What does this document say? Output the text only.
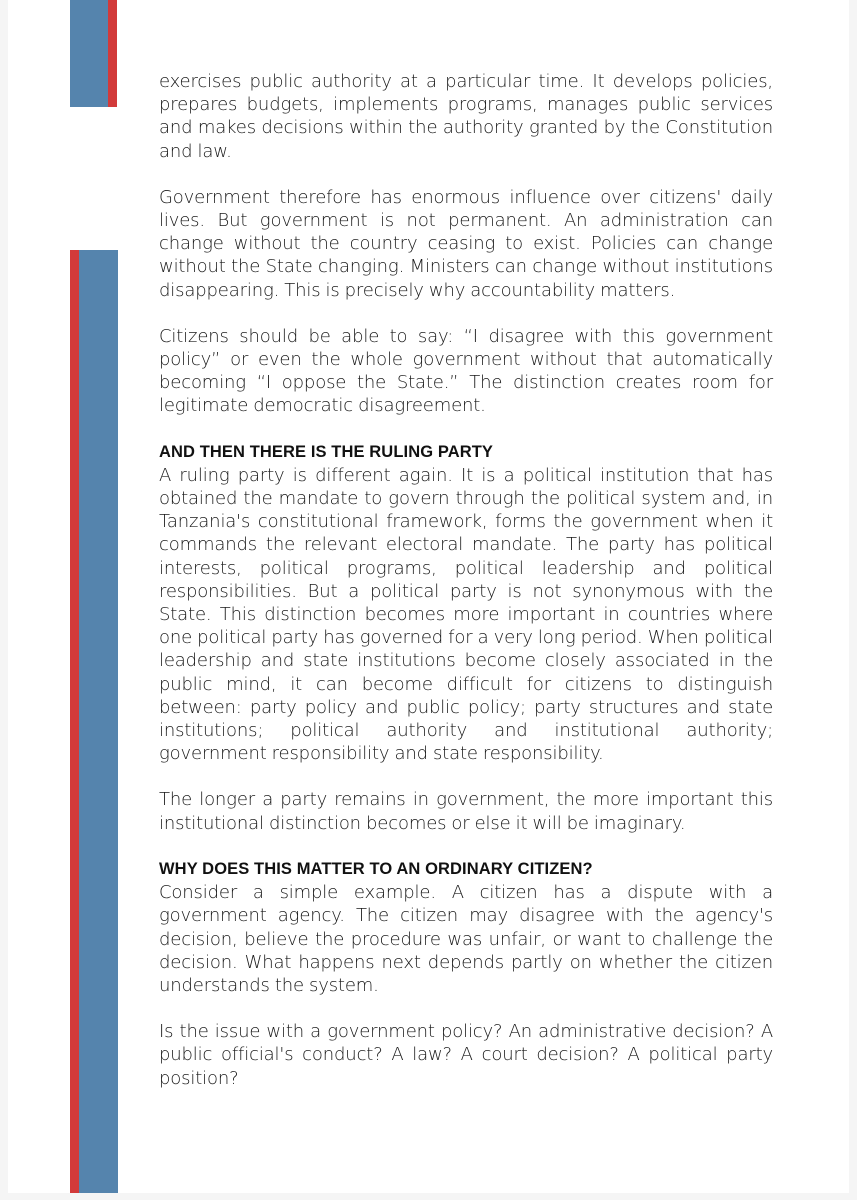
exercises public authority at a particular time. It develops policies, prepares budgets, implements programs, manages public services and makes decisions within the authority granted by the Constitution and law.

Government therefore has enormous influence over citizens' daily lives. But government is not permanent. An administration can change without the country ceasing to exist. Policies can change without the State changing. Ministers can change without institutions disappearing. This is precisely why accountability matters.

Citizens should be able to say: “I disagree with this government policy” or even the whole government without that automatically becoming “I oppose the State.” The distinction creates room for legitimate democratic disagreement.

AND THEN THERE IS THE RULING PARTY

A ruling party is different again. It is a political institution that has obtained the mandate to govern through the political system and, in Tanzania's constitutional framework, forms the government when it commands the relevant electoral mandate. The party has political interests, political programs, political leadership and political responsibilities. But a political party is not synonymous with the State. This distinction becomes more important in countries where one political party has governed for a very long period. When political leadership and state institutions become closely associated in the public mind, it can become difficult for citizens to distinguish between: party policy and public policy; party structures and state institutions; political authority and institutional authority; government responsibility and state responsibility.

The longer a party remains in government, the more important this institutional distinction becomes or else it will be imaginary.

WHY DOES THIS MATTER TO AN ORDINARY CITIZEN?

Consider a simple example. A citizen has a dispute with a government agency. The citizen may disagree with the agency's decision, believe the procedure was unfair, or want to challenge the decision. What happens next depends partly on whether the citizen understands the system.

Is the issue with a government policy? An administrative decision? A public official's conduct? A law? A court decision? A political party position?
